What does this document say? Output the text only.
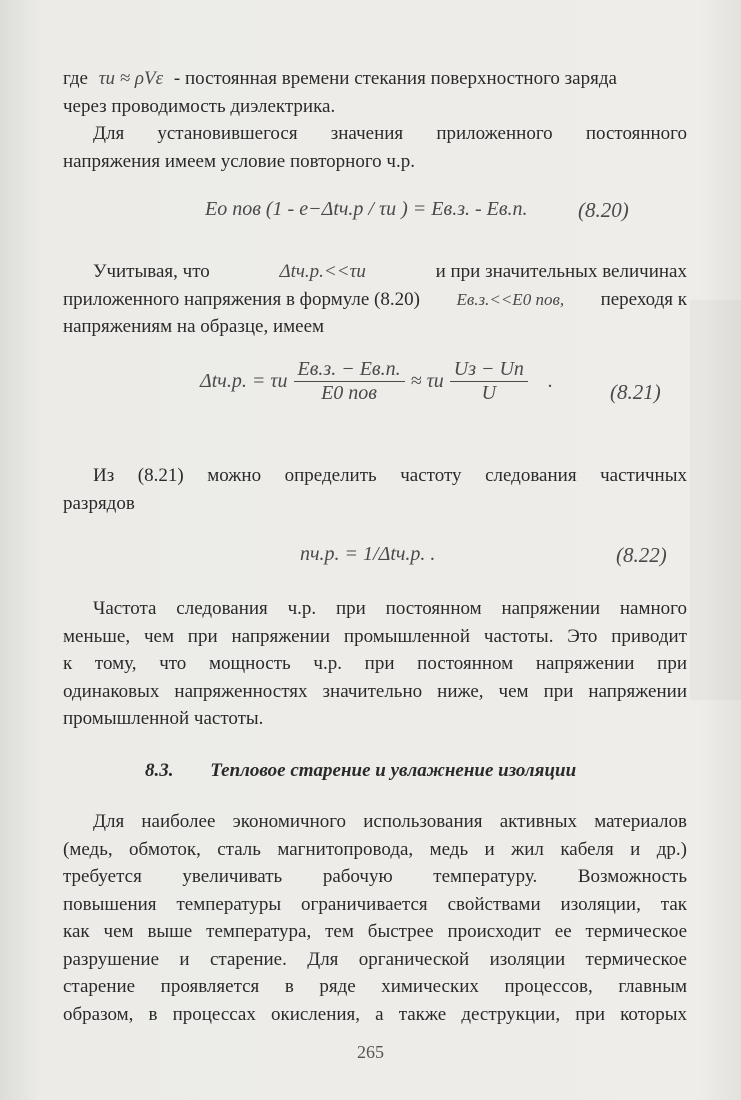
где τи ≈ ρVε - постоянная времени стекания поверхностного заряда
через проводимость диэлектрика.
Для установившегося значения приложенного постоянного
напряжения имеем условие повторного ч.р.
Eо пов (1 - e−Δtч.р / τи ) = Eв.з. - Eв.п. (8.20)
Учитывая, что	Δtч.р.<<τи	и при значительных величинах
приложенного напряжения в формуле (8.20) Eв.з.<<E0 пов, переходя к
напряжениям на образце, имеем
Δtч.р. = τи $\frac{Eв.з. - Eв.п.}{\text{E0 пов}} \approx \tau и \frac{Uз - Uп}{U}$ .	(8.21)
Из (8.21) можно определить частоту следования частичных
разрядов
nч.р. = 1/Δtч.р. .	(8.22)
Частота следования ч.р. при постоянном напряжении намного
меньше, чем при напряжении промышленной частоты. Это приводит
к тому, что мощность ч.р. при постоянном напряжении при
одинаковых напряженностях значительно ниже, чем при напряжении
промышленной частоты.
8.3. Тепловое старение и увлажнение изоляции
Для наиболее экономичного использования активных материалов
(медь, обмоток, сталь магнитопровода, медь и жил кабеля и др.)
требуется увеличивать рабочую температуру. Возможность
повышения температуры ограничивается свойствами изоляции, так
как чем выше температура, тем быстрее происходит ее термическое
разрушение и старение. Для органической изоляции термическое
старение проявляется в ряде химических процессов, главным
образом, в процессах окисления, а также деструкции, при которых
265
